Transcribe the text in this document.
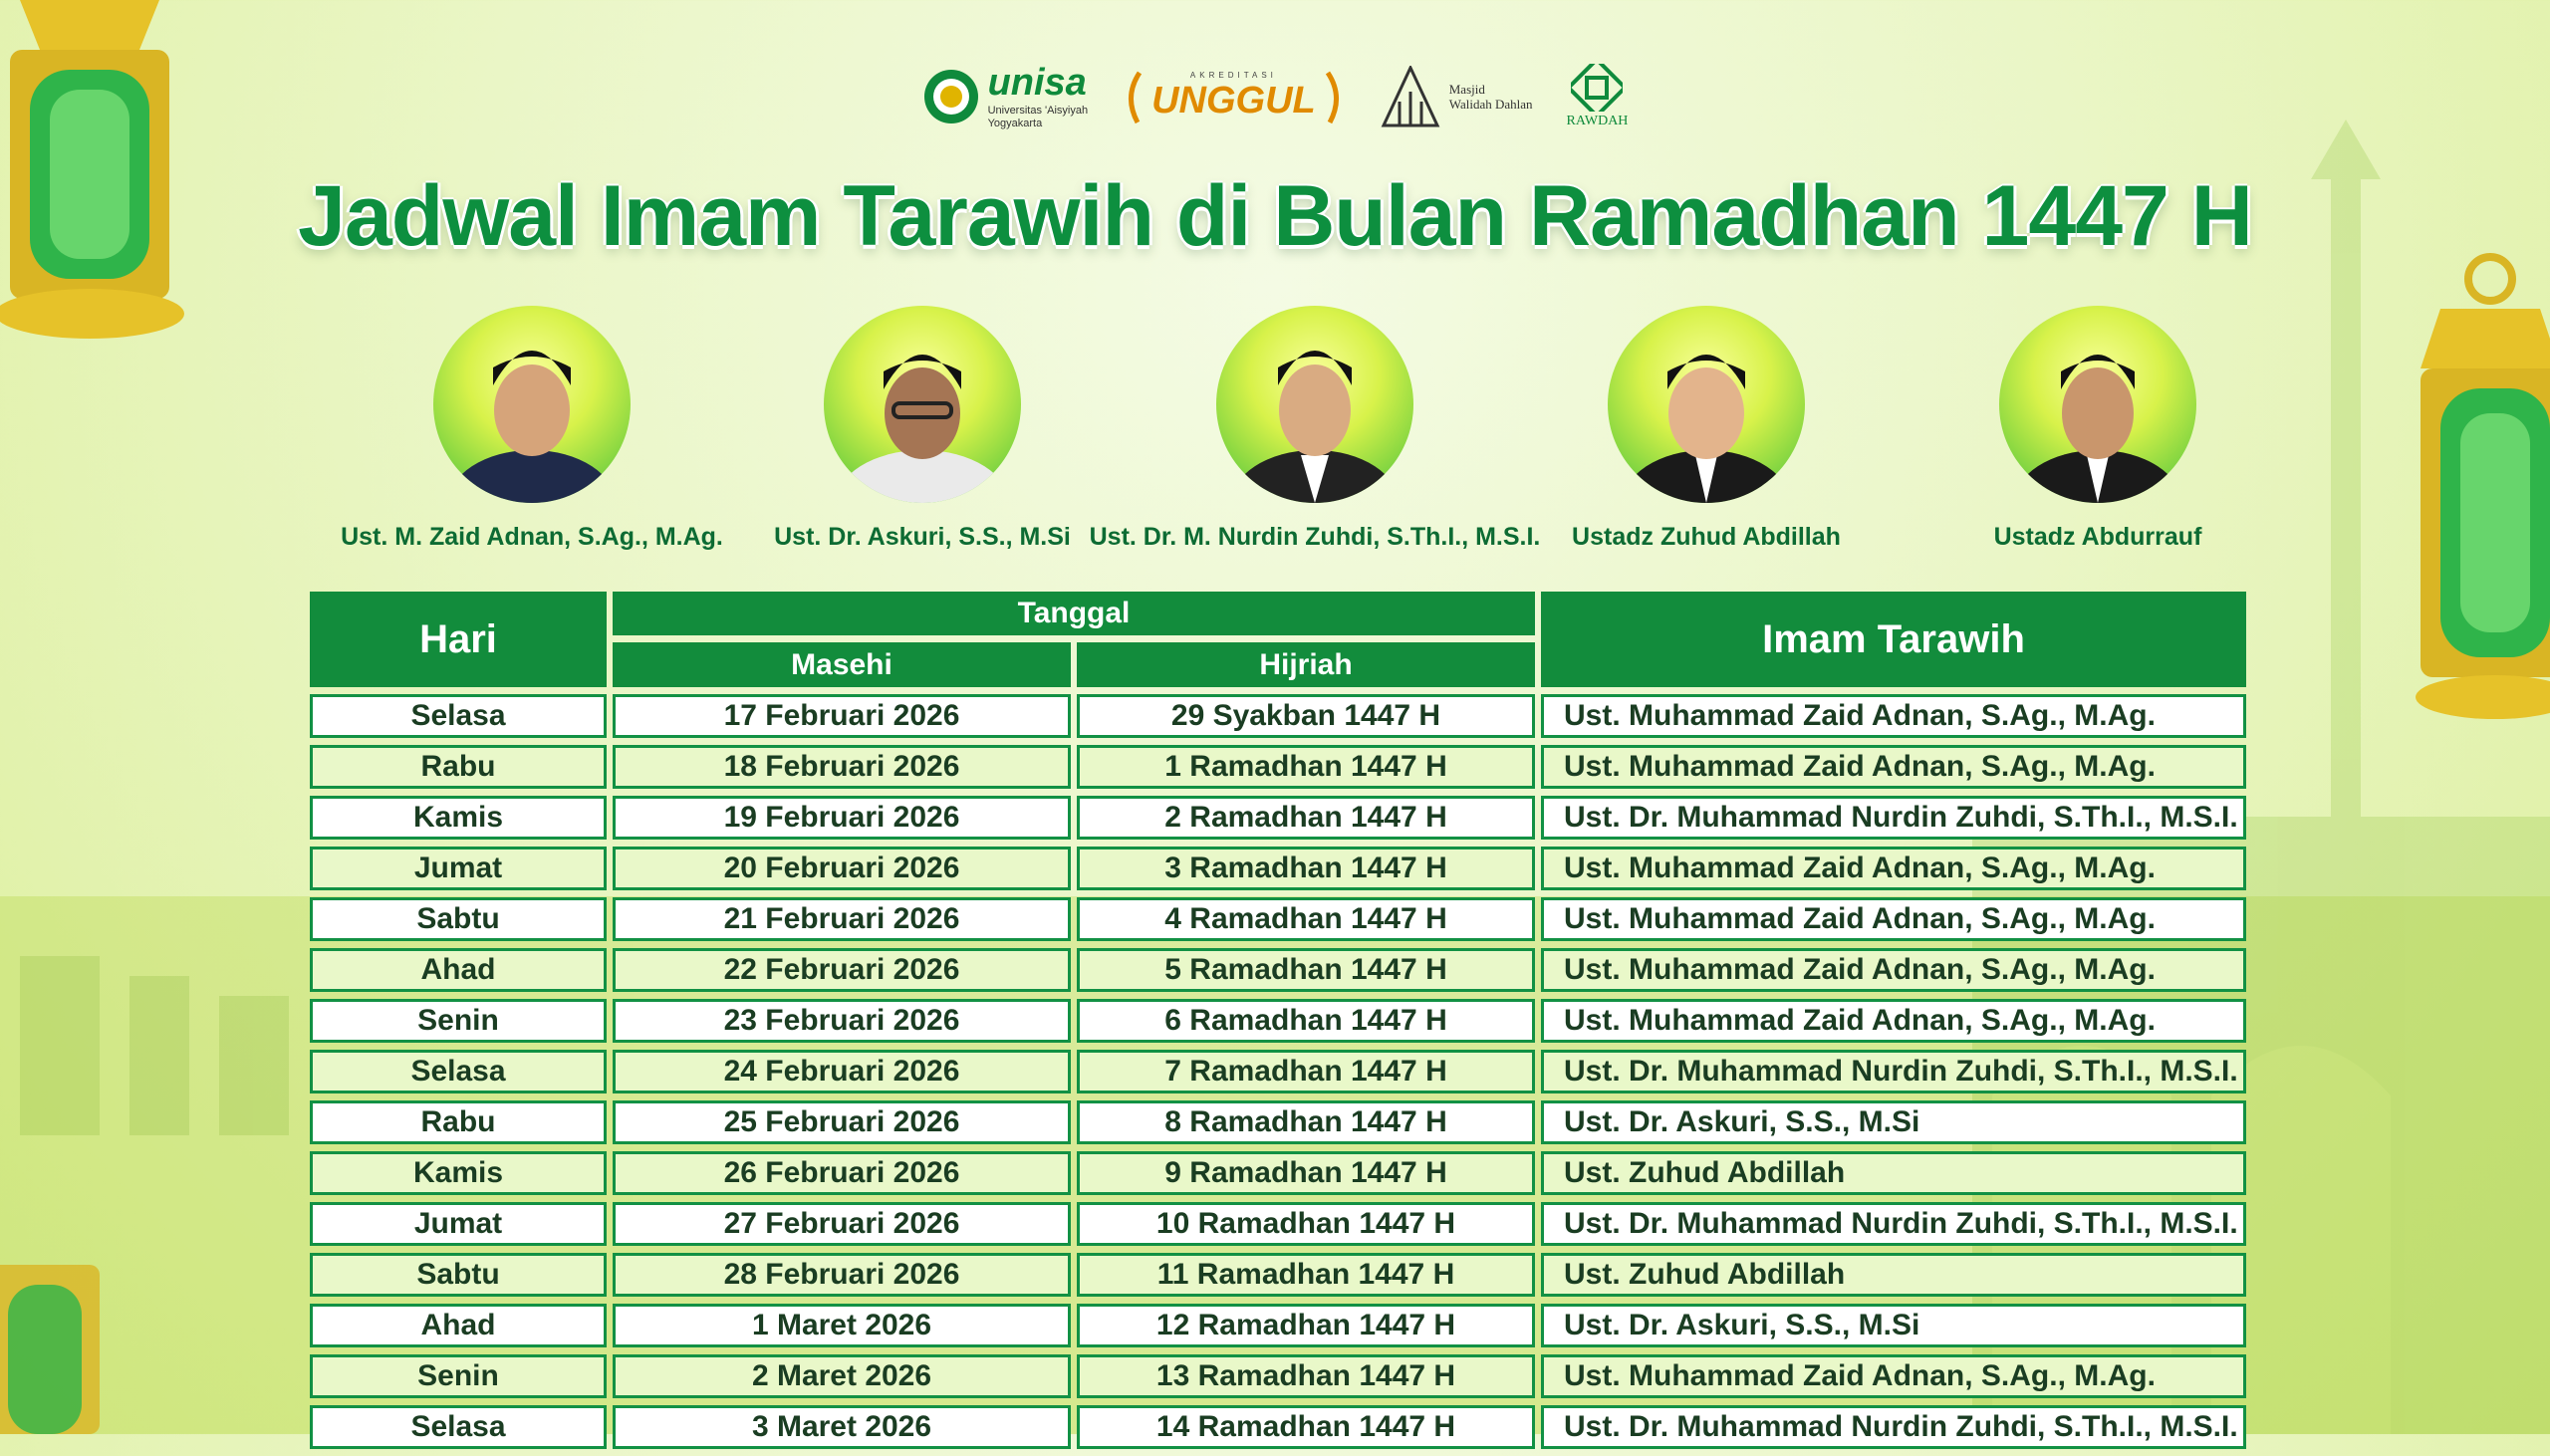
unisa
Universitas 'Aisyiyah
Yogyakarta
AKREDITASI
UNGGUL	Masjid
Walidah Dahlan
RAWDAH
Jadwal Imam Tarawih di Bulan Ramadhan 1447 H
Ust. M. Zaid Adnan, S.Ag., M.Ag.	Ust. Dr. Askuri, S.S., M.Si Ust. Dr. M. Nurdin Zuhdi, S.Th.I., M.S.I.	Ustadz Zuhud Abdillah	Ustadz Abdurrauf
Hari	Tanggal		Imam Tarawih
	Masehi	Hijriah	
Selasa	17 Februari 2026	29 Syakban 1447 H	Ust. Muhammad Zaid Adnan, S.Ag., M.Ag.
Rabu	18 Februari 2026	1 Ramadhan 1447 H	Ust. Muhammad Zaid Adnan, S.Ag., M.Ag.
Kamis	19 Februari 2026	2 Ramadhan 1447 H	Ust. Dr. Muhammad Nurdin Zuhdi, S.Th.I., M.S.I.
Jumat	20 Februari 2026	3 Ramadhan 1447 H	Ust. Muhammad Zaid Adnan, S.Ag., M.Ag.
Sabtu	21 Februari 2026	4 Ramadhan 1447 H	Ust. Muhammad Zaid Adnan, S.Ag., M.Ag.
Ahad	22 Februari 2026	5 Ramadhan 1447 H	Ust. Muhammad Zaid Adnan, S.Ag., M.Ag.
Senin	23 Februari 2026	6 Ramadhan 1447 H	Ust. Muhammad Zaid Adnan, S.Ag., M.Ag.
Selasa	24 Februari 2026	7 Ramadhan 1447 H	Ust. Dr. Muhammad Nurdin Zuhdi, S.Th.I., M.S.I.
Rabu	25 Februari 2026	8 Ramadhan 1447 H	Ust. Dr. Askuri, S.S., M.Si
Kamis	26 Februari 2026	9 Ramadhan 1447 H	Ust. Zuhud Abdillah
Jumat	27 Februari 2026	10 Ramadhan 1447 H	Ust. Dr. Muhammad Nurdin Zuhdi, S.Th.I., M.S.I.
Sabtu	28 Februari 2026	11 Ramadhan 1447 H	Ust. Zuhud Abdillah
Ahad	1 Maret 2026	12 Ramadhan 1447 H	Ust. Dr. Askuri, S.S., M.Si
Senin	2 Maret 2026	13 Ramadhan 1447 H	Ust. Muhammad Zaid Adnan, S.Ag., M.Ag.
Selasa	3 Maret 2026	14 Ramadhan 1447 H	Ust. Dr. Muhammad Nurdin Zuhdi, S.Th.I., M.S.I.
